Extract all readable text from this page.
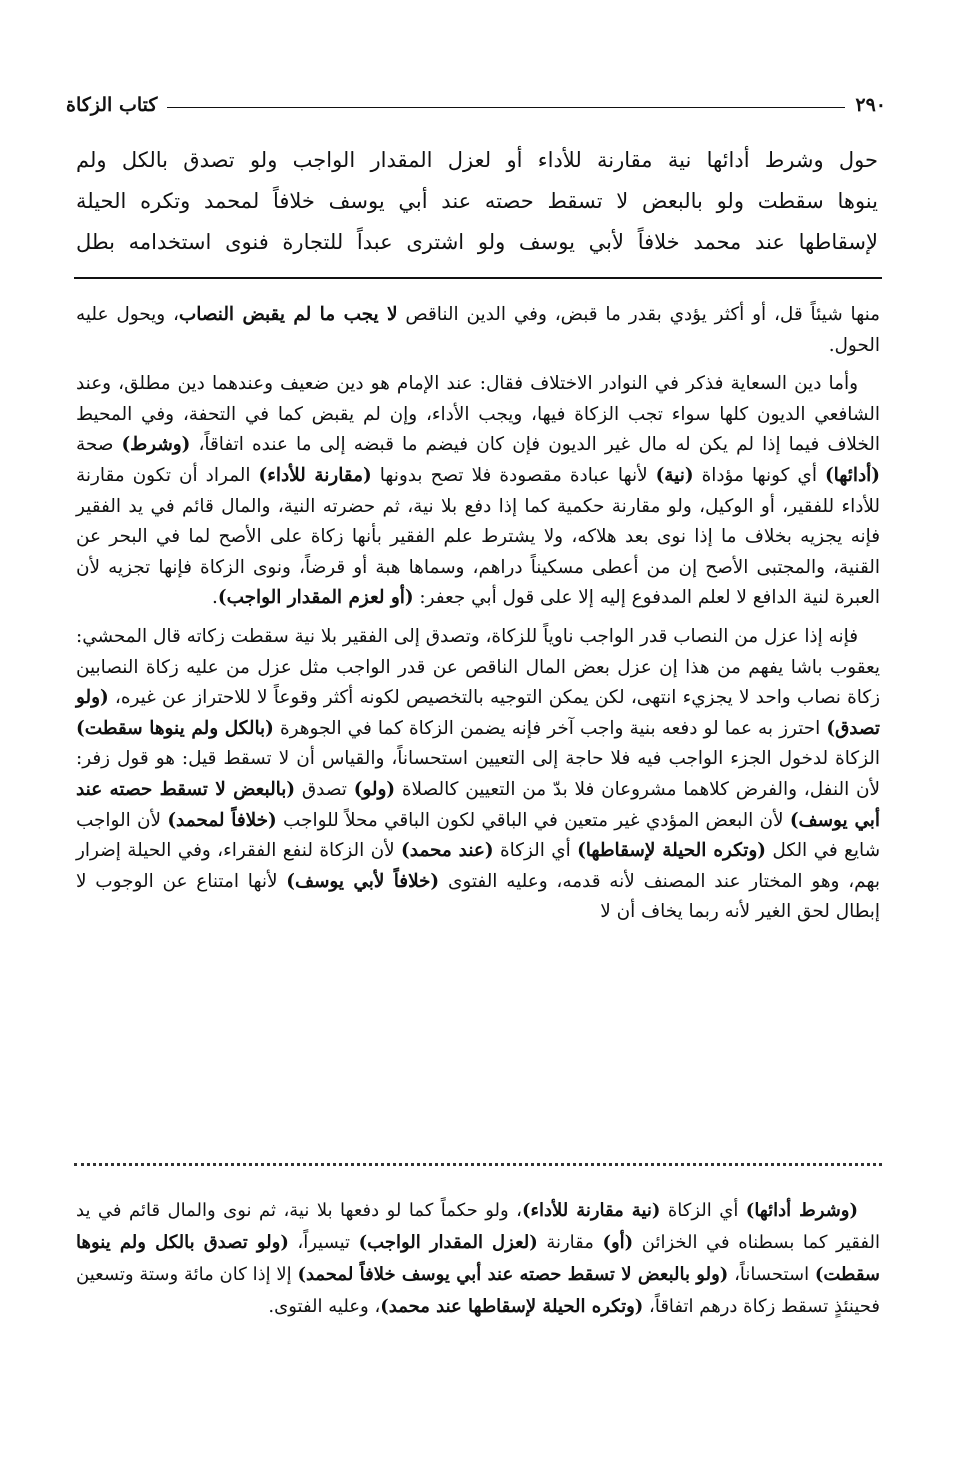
كتاب الزكاة	٢٩٠

حول وشرط أدائها نية مقارنة للأداء أو لعزل المقدار الواجب ولو تصدق بالكل ولم

ينوها سقطت ولو بالبعض لا تسقط حصته عند أبي يوسف خلافاً لمحمد وتكره الحيلة

لإسقاطها عند محمد خلافاً لأبي يوسف ولو اشترى عبداً للتجارة فنوى استخدامه بطل

منها شيئاً قل، أو أكثر يؤدي بقدر ما قبض، وفي الدين الناقص لا يجب ما لم يقبض النصاب، ويحول عليه الحول.

وأما دين السعاية فذكر في النوادر الاختلاف فقال: عند الإمام هو دين ضعيف وعندهما دين مطلق، وعند الشافعي الديون كلها سواء تجب الزكاة فيها، ويجب الأداء، وإن لم يقبض كما في التحفة، وفي المحيط الخلاف فيما إذا لم يكن له مال غير الديون فإن كان فيضم ما قبضه إلى ما عنده اتفاقاً، (وشرط) صحة (أدائها) أي كونها مؤداة (نية) لأنها عبادة مقصودة فلا تصح بدونها (مقارنة للأداء) المراد أن تكون مقارنة للأداء للفقير، أو الوكيل، ولو مقارنة حكمية كما إذا دفع بلا نية، ثم حضرته النية، والمال قائم في يد الفقير فإنه يجزيه بخلاف ما إذا نوى بعد هلاكه، ولا يشترط علم الفقير بأنها زكاة على الأصح لما في البحر عن القنية، والمجتبى الأصح إن من أعطى مسكيناً دراهم، وسماها هبة أو قرضاً، ونوى الزكاة فإنها تجزيه لأن العبرة لنية الدافع لا لعلم المدفوع إليه إلا على قول أبي جعفر: (أو لعزم المقدار الواجب).

فإنه إذا عزل من النصاب قدر الواجب ناوياً للزكاة، وتصدق إلى الفقير بلا نية سقطت زكاته قال المحشي: يعقوب باشا يفهم من هذا إن عزل بعض المال الناقص عن قدر الواجب مثل عزل من عليه زكاة النصابين زكاة نصاب واحد لا يجزيء انتهى، لكن يمكن التوجيه بالتخصيص لكونه أكثر وقوعاً لا للاحتراز عن غيره، (ولو تصدق) احترز به عما لو دفعه بنية واجب آخر فإنه يضمن الزكاة كما في الجوهرة (بالكل ولم ينوها سقطت) الزكاة لدخول الجزء الواجب فيه فلا حاجة إلى التعيين استحساناً، والقياس أن لا تسقط قيل: هو قول زفر: لأن النفل، والفرض كلاهما مشروعان فلا بدّ من التعيين كالصلاة (ولو) تصدق (بالبعض لا تسقط حصته عند أبي يوسف) لأن البعض المؤدي غير متعين في الباقي لكون الباقي محلاً للواجب (خلافاً لمحمد) لأن الواجب شايع في الكل (وتكره الحيلة لإسقاطها) أي الزكاة (عند محمد) لأن الزكاة لنفع الفقراء، وفي الحيلة إضرار بهم، وهو المختار عند المصنف لأنه قدمه، وعليه الفتوى (خلافاً لأبي يوسف) لأنها امتناع عن الوجوب لا إبطال لحق الغير لأنه ربما يخاف أن لا

(وشرط أدائها) أي الزكاة (نية مقارنة للأداء)، ولو حكماً كما لو دفعها بلا نية، ثم نوى والمال قائم في يد الفقير كما بسطناه في الخزائن (أو) مقارنة (لعزل المقدار الواجب) تيسيراً، (ولو تصدق بالكل ولم ينوها سقطت) استحساناً، (ولو بالبعض لا تسقط حصته عند أبي يوسف خلافاً لمحمد) إلا إذا كان مائة وستة وتسعين فحينئذٍ تسقط زكاة درهم اتفاقاً، (وتكره الحيلة لإسقاطها عند محمد)، وعليه الفتوى.
